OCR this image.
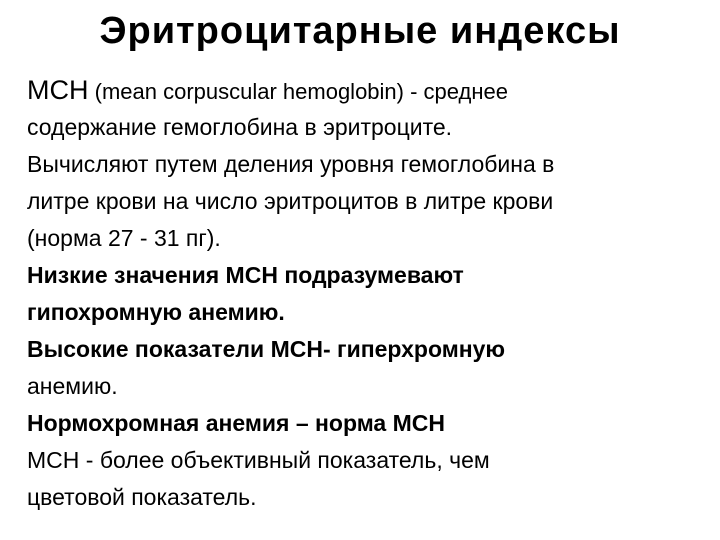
Эритроцитарные индексы
МСН (mean corpuscular hemoglobin) - среднее
содержание гемоглобина в эритроците.
Вычисляют путем деления уровня гемоглобина в
литре крови на число эритроцитов в литре крови
(норма 27 - 31 пг).
Низкие значения МСН подразумевают
гипохромную анемию.
Высокие показатели МСН- гиперхромную
анемию.
Нормохромная анемия – норма МСН
МСН - более объективный показатель, чем
цветовой показатель.
